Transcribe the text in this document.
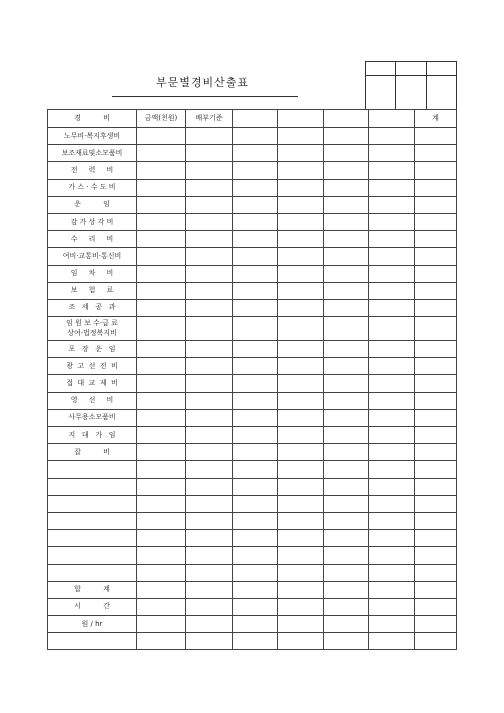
부문별경비산출표

경          비	금액(천원)	배부기준					계
노무비·복지후생비							
보조재료및소모품비							
전     력     비							
가 스 · 수 도 비							
운          임							
감 가 상 각 비							
수     리     비							
여비·교통비·통신비							
임     차     비							
보     험     료							
조   세   공   과							

임 원 보 수·급 료
상여·법정복지비							

포   장   운   임							
광  고  선  전  비							
접  대  교  제  비							
영     선     비							
사무용소모품비							
지   대   가   임							
잡          비							

합          계							
시          간							
원 / hr							
